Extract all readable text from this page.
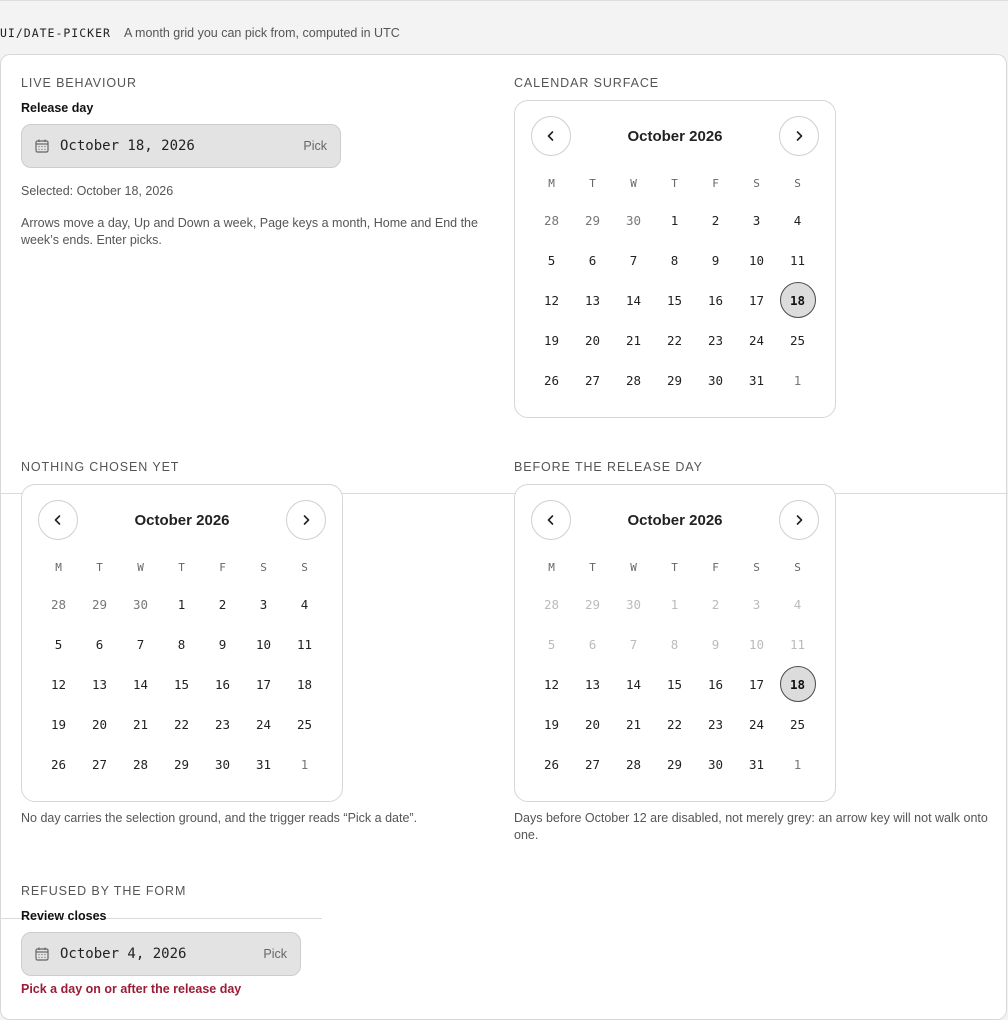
UI/DATE-PICKER A month grid you can pick from, computed in UTC
LIVE BEHAVIOUR
Release day
October 18, 2026	Pick
Selected: October 18, 2026
Arrows move a day, Up and Down a week, Page keys a month, Home and End the week’s ends. Enter picks.
CALENDAR SURFACE
October 2026
M	T	W	T	F	S	S
28	29	30	1	2	3	4
5	6	7	8	9	10	11
12	13	14	15	16	17	18
19	20	21	22	23	24	25
26	27	28	29	30	31	1
NOTHING CHOSEN YET
October 2026
M	T	W	T	F	S	S
28	29	30	1	2	3	4
5	6	7	8	9	10	11
12	13	14	15	16	17	18
19	20	21	22	23	24	25
26	27	28	29	30	31	1
No day carries the selection ground, and the trigger reads “Pick a date”.
BEFORE THE RELEASE DAY
October 2026
M	T	W	T	F	S	S
28	29	30	1	2	3	4
5	6	7	8	9	10	11
12	13	14	15	16	17	18
19	20	21	22	23	24	25
26	27	28	29	30	31	1
Days before October 12 are disabled, not merely grey: an arrow key will not walk onto one.
REFUSED BY THE FORM
Review closes
October 4, 2026	Pick
Pick a day on or after the release day
